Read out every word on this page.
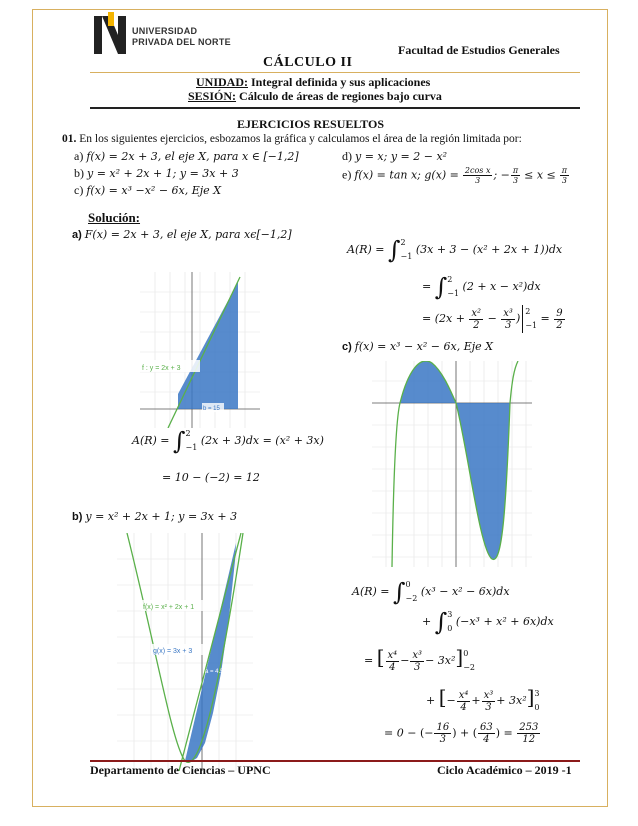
UNIVERSIDAD
PRIVADA DEL NORTE
Facultad de Estudios Generales
CÁLCULO II
UNIDAD: Integral definida y sus aplicaciones
SESIÓN: Cálculo de áreas de regiones bajo curva
EJERCICIOS RESUELTOS
01. En los siguientes ejercicios, esbozamos la gráfica y calculamos el área de la región limitada por:
a) 𝑓(𝑥) = 2𝑥 + 3, el eje X, para 𝑥 ∈ [−1,2]
b) 𝑦 = 𝑥² + 2𝑥 + 1; 𝑦 = 3𝑥 + 3
c) 𝑓(𝑥) = 𝑥³ −𝑥² − 6𝑥, 𝐸𝑗𝑒 𝑋
d) 𝑦 = 𝑥; 𝑦 = 2 − 𝑥²
e) 𝑓(𝑥) = 𝑡𝑎𝑛 𝑥; 𝑔(𝑥) = $\frac{\text{2𝑐𝑜𝑠 𝑥}}{3}$ ; − $\frac{\text{𝜋}}{3}$ ≤ 𝑥 ≤ $\frac{\text{𝜋}}{3}$
Solución:
a) 𝐹(𝑥) = 2𝑥 + 3, el eje X, para 𝑥𝜖[−1,2]
f : y = 2x + 3
b = 15
𝐴(𝑅) = ∫ 2
−1
(2𝑥 + 3)𝑑𝑥 = (𝑥² + 3𝑥)
= 10 − (−2) = 12
b) 𝑦 = 𝑥² + 2𝑥 + 1; 𝑦 = 3𝑥 + 3
f(x) = x² + 2x + 1
g(x) = 3x + 3
a = 4.5
𝐴(𝑅) = ∫ 2
−1
(3𝑥 + 3 − (𝑥² + 2𝑥 + 1))𝑑𝑥
= ∫ 2
−1
(2 + 𝑥 − 𝑥²)𝑑𝑥
= (2𝑥 + $\frac{\text{𝑥²}}{2} - \frac{\text{𝑥³}}{3}$ )
2
−1
= $\frac{9}{2}$
c) 𝑓(𝑥) = 𝑥³ − 𝑥² − 6𝑥, 𝐸𝑗𝑒 𝑋
𝐴(𝑅) = ∫ 0
−2
(𝑥³ − 𝑥² − 6𝑥)𝑑𝑥
+ ∫ 3
0
(−𝑥³ + 𝑥² + 6𝑥)𝑑𝑥
= [ $\frac{\text{𝑥⁴}}{4} - \frac{\text{𝑥³}}{3}$ − 3𝑥²] 0
−2
+ [− $\frac{\text{𝑥⁴}}{4} + \frac{\text{𝑥³}}{3}$ + 3𝑥²] 3
0
= 0 − (− $\frac{16}{3}$ ) + ( $\frac{63}{4}$ ) = $\frac{253}{12}$
Departamento de Ciencias – UPNC	Ciclo Académico – 2019 -1
